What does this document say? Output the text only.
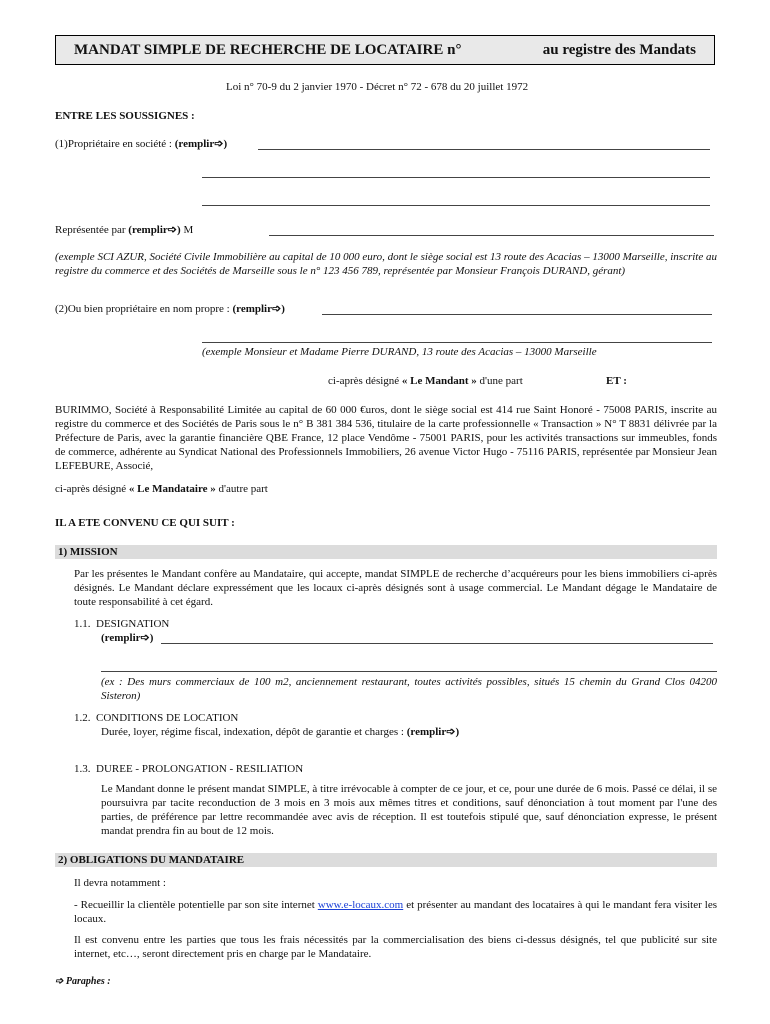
MANDAT SIMPLE DE RECHERCHE DE LOCATAIRE n°	au registre des Mandats
Loi n° 70-9 du 2 janvier 1970 - Décret n° 72 - 678 du 20 juillet 1972
ENTRE LES SOUSSIGNES :
(1)Propriétaire en société : (remplir➩)
Représentée par (remplir➩) M
(exemple SCI AZUR, Société Civile Immobilière au capital de 10 000 euro, dont le siège social est 13 route des Acacias – 13000 Marseille, inscrite au registre du commerce et des Sociétés de Marseille sous le n° 123 456 789, représentée par Monsieur François DURAND, gérant)
(2)Ou bien propriétaire en nom propre : (remplir➩)
(exemple Monsieur et Madame Pierre DURAND, 13 route des Acacias – 13000 Marseille
ci-après désigné « Le Mandant » d'une part	ET :
BURIMMO, Société à Responsabilité Limitée au capital de 60 000 €uros, dont le siège social est 414 rue Saint Honoré - 75008 PARIS, inscrite au registre du commerce et des Sociétés de Paris sous le n° B 381 384 536, titulaire de la carte professionnelle « Transaction » N° T 8831 délivrée par la Préfecture de Paris, avec la garantie financière QBE France, 12 place Vendôme - 75001 PARIS, pour les activités transactions sur immeubles, fonds de commerce, adhérente au Syndicat National des Professionnels Immobiliers, 26 avenue Victor Hugo - 75116 PARIS, représentée par Monsieur Jean LEFEBURE, Associé,
ci-après désigné « Le Mandataire » d'autre part
IL A ETE CONVENU CE QUI SUIT :
1) MISSION
Par les présentes le Mandant confère au Mandataire, qui accepte, mandat SIMPLE de recherche d’acquéreurs pour les biens immobiliers ci-après désignés. Le Mandant déclare expressément que les locaux ci-après désignés sont à usage commercial. Le Mandant dégage le Mandataire de toute responsabilité à cet égard.
1.1. DESIGNATION
(remplir➩)
(ex : Des murs commerciaux de 100 m2, anciennement restaurant, toutes activités possibles, situés 15 chemin du Grand Clos 04200 Sisteron)
1.2. CONDITIONS DE LOCATION
Durée, loyer, régime fiscal, indexation, dépôt de garantie et charges : (remplir➩)
1.3. DUREE - PROLONGATION - RESILIATION
Le Mandant donne le présent mandat SIMPLE, à titre irrévocable à compter de ce jour, et ce, pour une durée de 6 mois. Passé ce délai, il se poursuivra par tacite reconduction de 3 mois en 3 mois aux mêmes titres et conditions, sauf dénonciation à tout moment par l'une des parties, de préférence par lettre recommandée avec avis de réception. Il est toutefois stipulé que, sauf dénonciation expresse, le présent mandat prendra fin au bout de 12 mois.
2) OBLIGATIONS DU MANDATAIRE
Il devra notamment :
- Recueillir la clientèle potentielle par son site internet www.e-locaux.com et présenter au mandant des locataires à qui le mandant fera visiter les locaux.
Il est convenu entre les parties que tous les frais nécessités par la commercialisation des biens ci-dessus désignés, tel que publicité sur site internet, etc…, seront directement pris en charge par le Mandataire.
➩ Paraphes :
